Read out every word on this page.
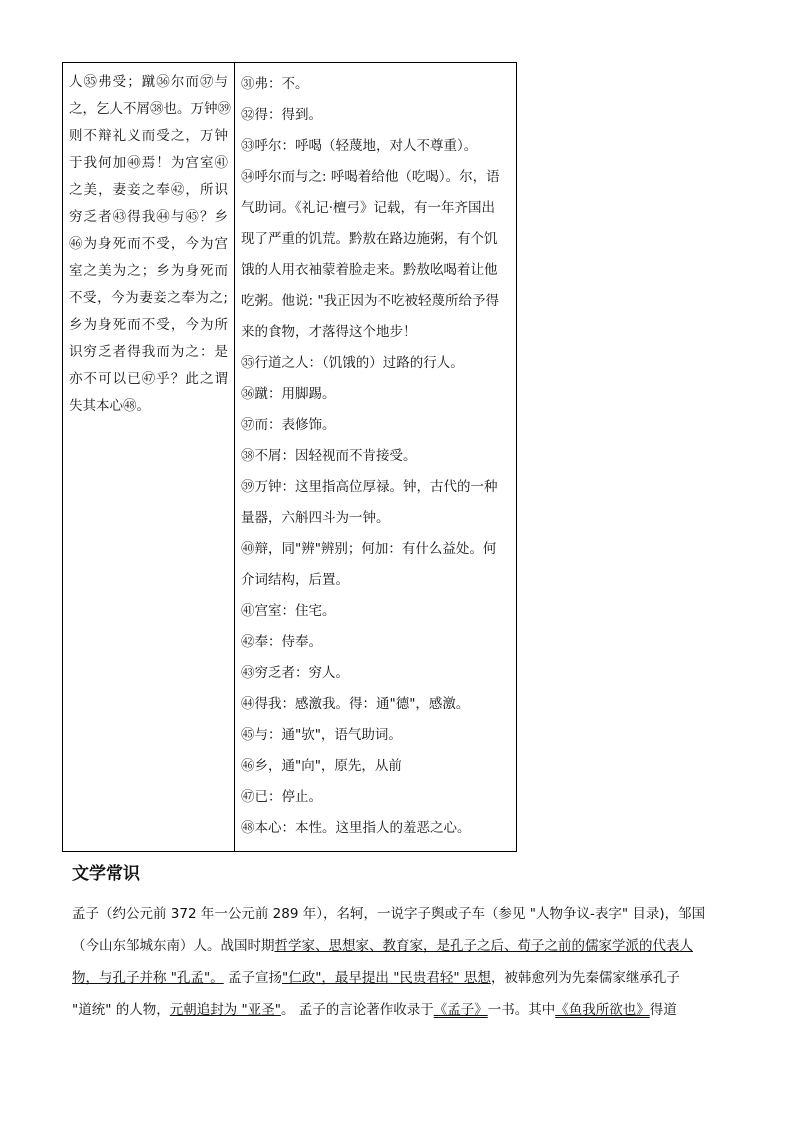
人㉟弗受；蹴㊱尔而㊲与

之，乞人不屑㊳也。万钟㊴

则不辩礼义而受之，万钟

于我何加㊵焉！为宫室㊶

之美，妻妾之奉㊷，所识

穷乏者㊸得我㊹与㊺？乡

㊻为身死而不受，今为宫

室之美为之；乡为身死而

不受，今为妻妾之奉为之;

乡为身死而不受，今为所

识穷乏者得我而为之：是

亦不可以已㊼乎？此之谓

失其本心㊽。

㉛弗：不。

㉜得：得到。

㉝呼尔：呼喝（轻蔑地，对人不尊重）。

㉞呼尔而与之: 呼喝着给他（吃喝）。尔，语

气助词。《礼记·檀弓》记载，有一年齐国出

现了严重的饥荒。黔敖在路边施粥，有个饥

饿的人用衣袖蒙着脸走来。黔敖吆喝着让他

吃粥。他说: "我正因为不吃被轻蔑所给予得

来的食物，才落得这个地步！

㉟行道之人：（饥饿的）过路的行人。

㊱蹴：用脚踢。

㊲而：表修饰。

㊳不屑：因轻视而不肯接受。

㊴万钟：这里指高位厚禄。钟，古代的一种

量器，六斛四斗为一钟。

㊵辩，同"辨"辨别；何加：有什么益处。何

介词结构，后置。

㊶宫室：住宅。

㊷奉：侍奉。

㊸穷乏者：穷人。

㊹得我：感激我。得：通"德"，感激。

㊺与：通"欤"，语气助词。

㊻乡，通"向"，原先，从前

㊼已：停止。

㊽本心：本性。这里指人的羞恶之心。

文学常识

孟子（约公元前 372 年一公元前 289 年），名轲，一说字子舆或子车（参见 "人物争议-表字" 目录)，邹国

（今山东邹城东南）人。战国时期哲学家、思想家、教育家，是孔子之后、荀子之前的儒家学派的代表人

物，与孔子并称 "孔孟"。 孟子宣扬"仁政"，最早提出 "民贵君轻" 思想，被韩愈列为先秦儒家继承孔子

"道统" 的人物，元朝追封为 "亚圣"。 孟子的言论著作收录于《孟子》一书。其中《鱼我所欲也》得道
